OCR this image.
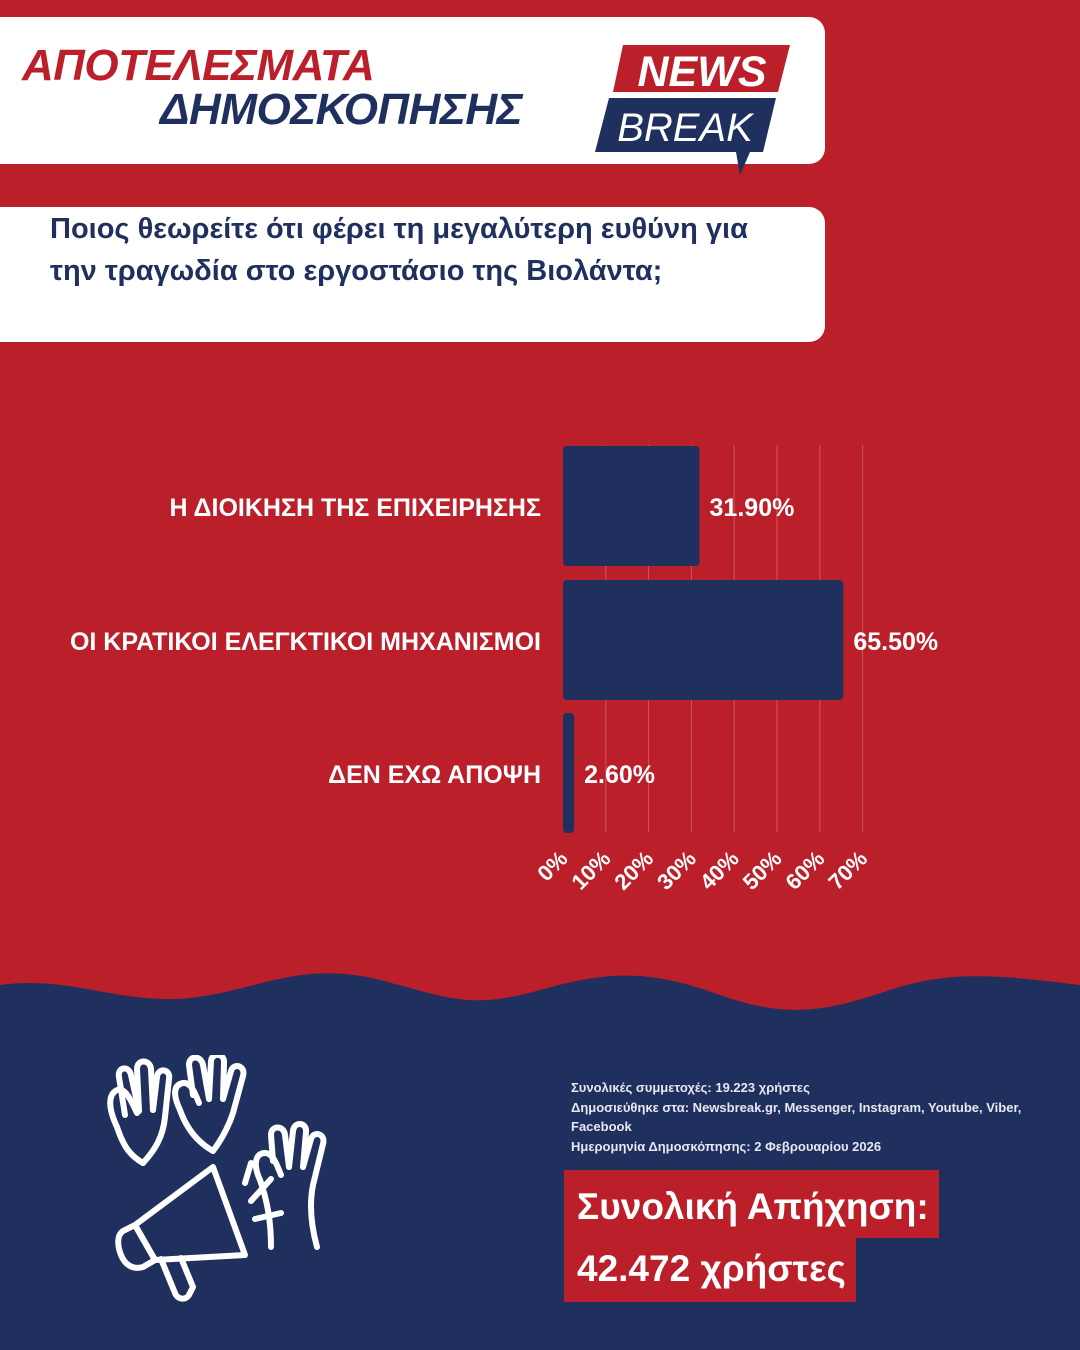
ΑΠΟΤΕΛΕΣΜΑΤΑ
ΔΗΜΟΣΚΟΠΗΣΗΣ
NEWS
BREAK
Ποιος θεωρείτε ότι φέρει τη μεγαλύτερη ευθύνη για την τραγωδία στο εργοστάσιο της Βιολάντα;
Η ΔΙΟΙΚΗΣΗ ΤΗΣ ΕΠΙΧΕΙΡΗΣΗΣ	31.90%
ΟΙ ΚΡΑΤΙΚΟΙ ΕΛΕΓΚΤΙΚΟΙ ΜΗΧΑΝΙΣΜΟΙ	65.50%
ΔΕΝ ΕΧΩ ΑΠΟΨΗ 2.60%
0%
10%
20%
30%
40%
50%
60%
70%
Συνολικές συμμετοχές: 19.223 χρήστες
Δημοσιεύθηκε στα: Newsbreak.gr, Messenger, Instagram, Youtube, Viber, Facebook
Ημερομηνία Δημοσκόπησης: 2 Φεβρουαρίου 2026
Συνολική Απήχηση:
42.472 χρήστες
